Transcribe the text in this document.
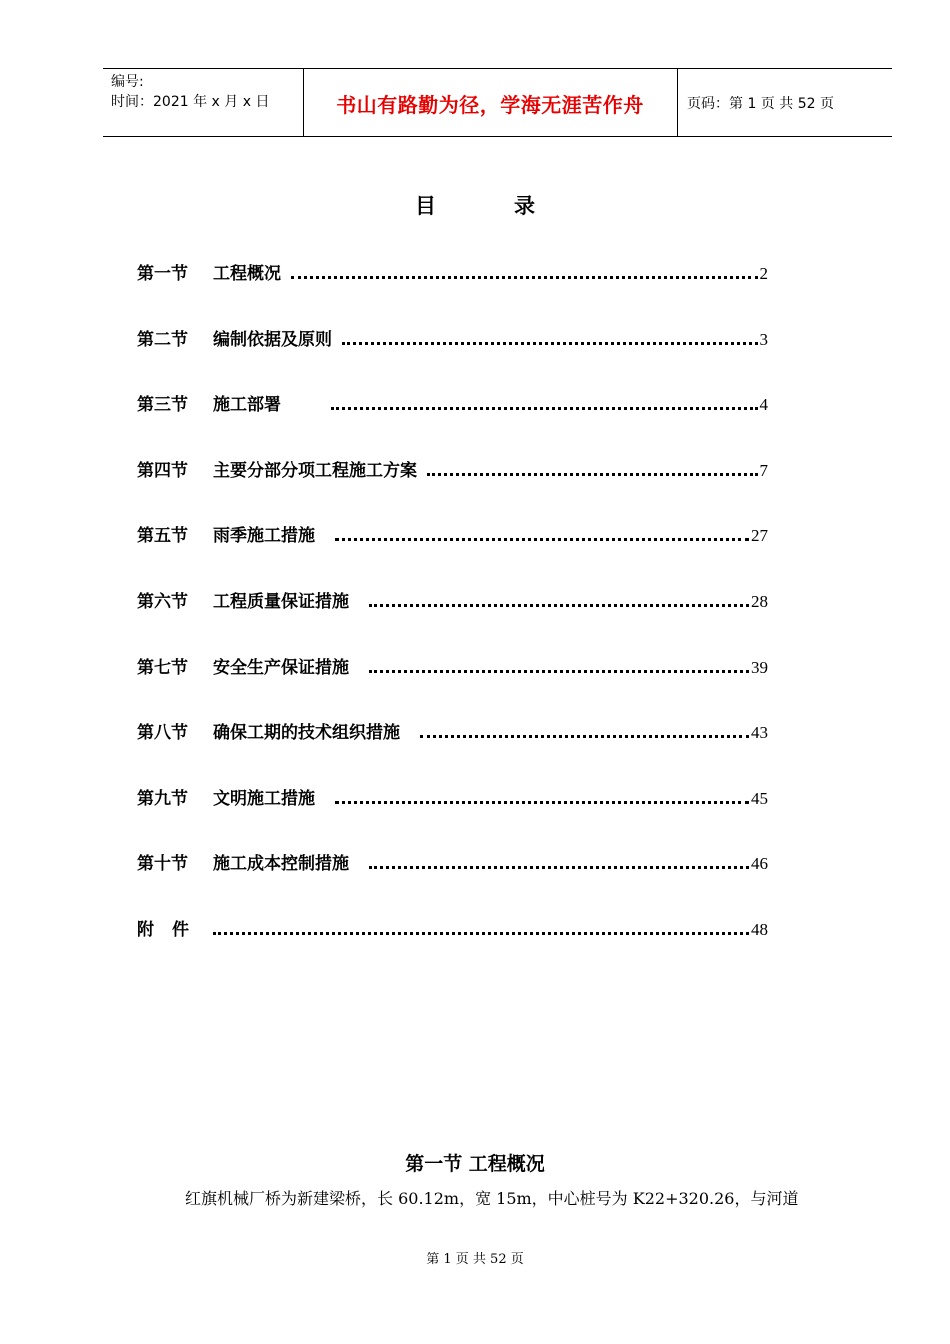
编号:
时间：2021 年 x 月 x 日	书山有路勤为径，学海无涯苦作舟	页码：第 1 页 共 52 页
目录
第一节	工程概况	2
第二节	编制依据及原则	3
第三节	施工部署	4
第四节	主要分部分项工程施工方案	7
第五节	雨季施工措施	27
第六节	工程质量保证措施	28
第七节	安全生产保证措施	39
第八节	确保工期的技术组织措施	43
第九节	文明施工措施	45
第十节	施工成本控制措施	46
附件	48
第一节 工程概况
红旗机械厂桥为新建梁桥，长 60.12m，宽 15m，中心桩号为 K22+320.26，与河道
第 1 页 共 52 页
